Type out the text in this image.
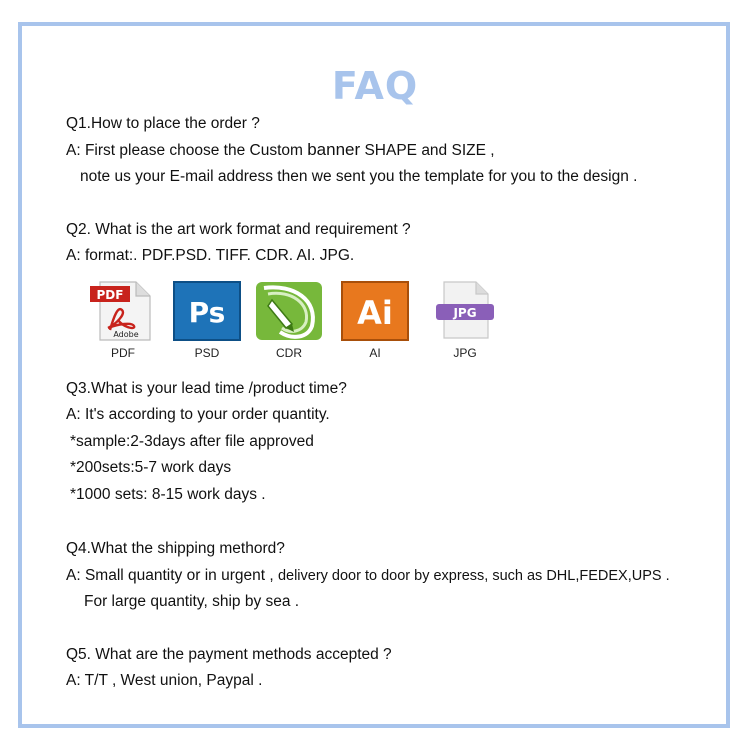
FAQ
Q1.How to place the order ?
A: First please choose the Custom banner SHAPE and SIZE ,
note us your E-mail address then we sent you the template for you to the design .
Q2. What is the art work format and requirement ?
A: format:. PDF.PSD. TIFF. CDR. AI. JPG.
PDF
Adobe
PDF
Ps
PSD	CDR
Ai
AI
JPG
JPG
Q3.What is your lead time /product time?
A: It's according to your order quantity.
*sample:2-3days after file approved
*200sets:5-7 work days
*1000 sets: 8-15 work days .
Q4.What the shipping methord?
A: Small quantity or in urgent , delivery door to door by express, such as DHL,FEDEX,UPS .
For large quantity, ship by sea .
Q5. What are the payment methods accepted ?
A: T/T , West union, Paypal .
